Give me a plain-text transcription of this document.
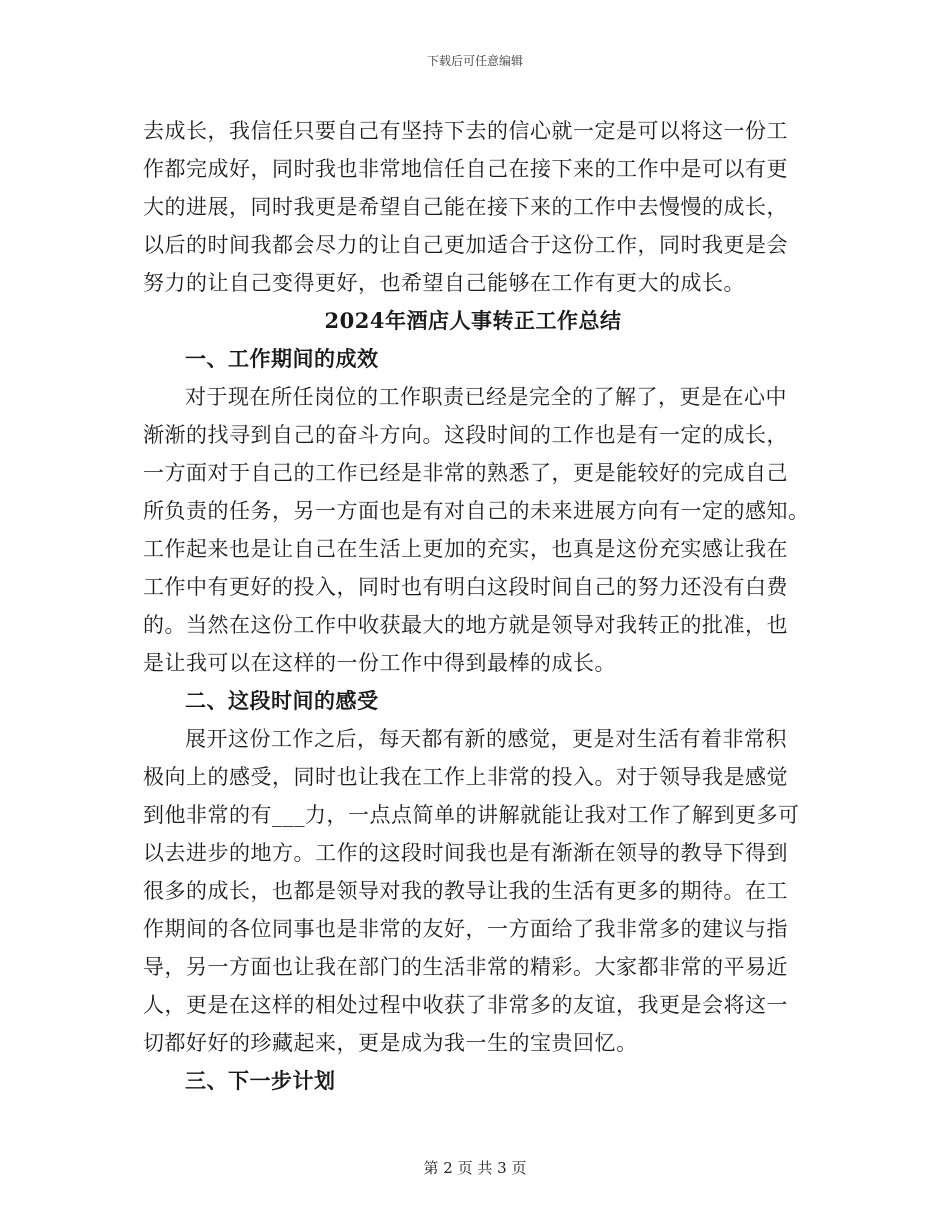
下载后可任意编辑
去成长，我信任只要自己有坚持下去的信心就一定是可以将这一份工
作都完成好，同时我也非常地信任自己在接下来的工作中是可以有更
大的进展，同时我更是希望自己能在接下来的工作中去慢慢的成长，
以后的时间我都会尽力的让自己更加适合于这份工作，同时我更是会
努力的让自己变得更好，也希望自己能够在工作有更大的成长。
2024年酒店人事转正工作总结
一、工作期间的成效
对于现在所任岗位的工作职责已经是完全的了解了，更是在心中
渐渐的找寻到自己的奋斗方向。这段时间的工作也是有一定的成长，
一方面对于自己的工作已经是非常的熟悉了，更是能较好的完成自己
所负责的任务，另一方面也是有对自己的未来进展方向有一定的感知。
工作起来也是让自己在生活上更加的充实，也真是这份充实感让我在
工作中有更好的投入，同时也有明白这段时间自己的努力还没有白费
的。当然在这份工作中收获最大的地方就是领导对我转正的批准，也
是让我可以在这样的一份工作中得到最棒的成长。
二、这段时间的感受
展开这份工作之后，每天都有新的感觉，更是对生活有着非常积
极向上的感受，同时也让我在工作上非常的投入。对于领导我是感觉
到他非常的有___力，一点点简单的讲解就能让我对工作了解到更多可
以去进步的地方。工作的这段时间我也是有渐渐在领导的教导下得到
很多的成长，也都是领导对我的教导让我的生活有更多的期待。在工
作期间的各位同事也是非常的友好，一方面给了我非常多的建议与指
导，另一方面也让我在部门的生活非常的精彩。大家都非常的平易近
人，更是在这样的相处过程中收获了非常多的友谊，我更是会将这一
切都好好的珍藏起来，更是成为我一生的宝贵回忆。
三、下一步计划
第 2 页 共 3 页
